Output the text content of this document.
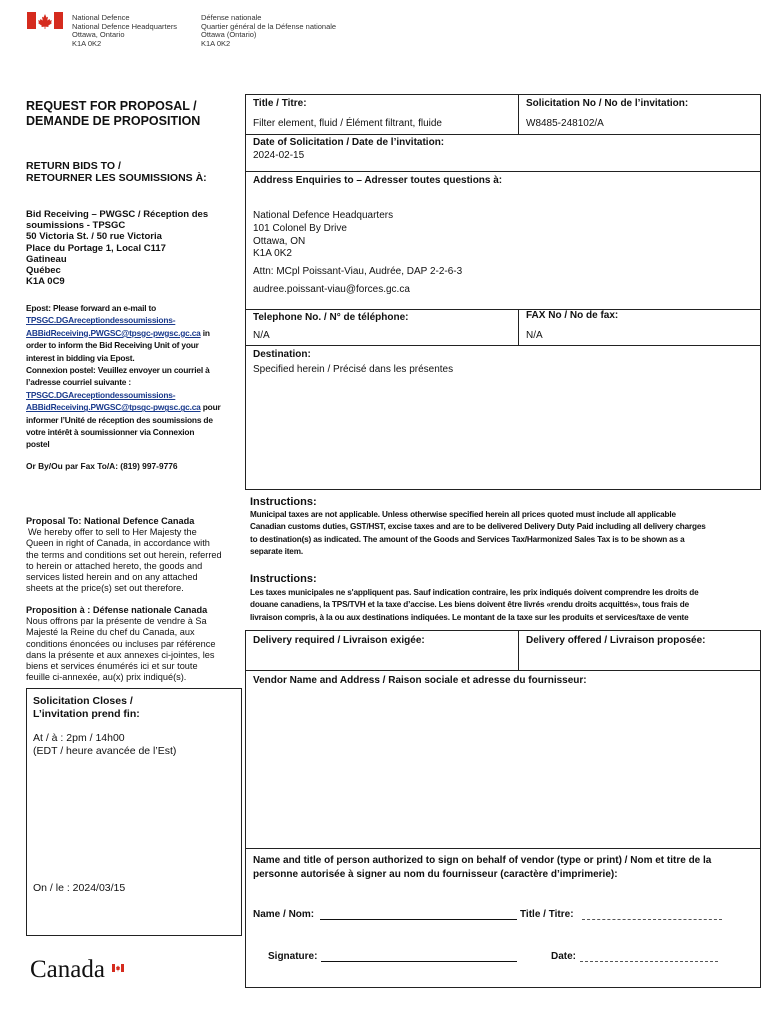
National Defence
National Defence Headquarters
Ottawa, Ontario
K1A 0K2
Défense nationale
Quartier général de la Défense nationale
Ottawa (Ontario)
K1A 0K2
REQUEST FOR PROPOSAL /
DEMANDE DE PROPOSITION
RETURN BIDS TO /
RETOURNER LES SOUMISSIONS À:
Bid Receiving – PWGSC / Réception des
soumissions - TPSGC
50 Victoria St. / 50 rue Victoria
Place du Portage 1, Local C117
Gatineau
Québec
K1A 0C9
Epost: Please forward an e-mail to
TPSGC.DGAreceptiondessoumissions-
ABBidReceiving.PWGSC@tpsgc-pwgsc.gc.ca in
order to inform the Bid Receiving Unit of your
interest in bidding via Epost.
Connexion postel: Veuillez envoyer un courriel à
l’adresse courriel suivante :
TPSGC.DGAreceptiondessoumissions-
ABBidReceiving.PWGSC@tpsgc-pwgsc.gc.ca pour
informer l’Unité de réception des soumissions de
votre intérêt à soumissionner via Connexion
postel
Or By/Ou par Fax To/A: (819) 997-9776
Proposal To: National Defence Canada
We hereby offer to sell to Her Majesty the
Queen in right of Canada, in accordance with
the terms and conditions set out herein, referred
to herein or attached hereto, the goods and
services listed herein and on any attached
sheets at the price(s) set out therefore.
Proposition à : Défense nationale Canada
Nous offrons par la présente de vendre à Sa
Majesté la Reine du chef du Canada, aux
conditions énoncées ou incluses par référence
dans la présente et aux annexes ci-jointes, les
biens et services énumérés ici et sur toute
feuille ci-annexée, au(x) prix indiqué(s).
Solicitation Closes /
L’invitation prend fin:
At / à : 2pm / 14h00
(EDT / heure avancée de l’Est)
On / le : 2024/03/15
Canada
Title / Titre:
Filter element, fluid / Élément filtrant, fluide
Solicitation No / No de l’invitation:
W8485-248102/A
Date of Solicitation / Date de l’invitation:
2024-02-15
Address Enquiries to – Adresser toutes questions à:
National Defence Headquarters
101 Colonel By Drive
Ottawa, ON
K1A 0K2
Attn: MCpl Poissant-Viau, Audrée, DAP 2-2-6-3
audree.poissant-viau@forces.gc.ca
Telephone No. / N° de téléphone:
N/A
FAX No / No de fax:
N/A
Destination:
Specified herein / Précisé dans les présentes
Instructions:
Municipal taxes are not applicable. Unless otherwise specified herein all prices quoted must include all applicable
Canadian customs duties, GST/HST, excise taxes and are to be delivered Delivery Duty Paid including all delivery charges
to destination(s) as indicated. The amount of the Goods and Services Tax/Harmonized Sales Tax is to be shown as a
separate item.
Instructions:
Les taxes municipales ne s'appliquent pas. Sauf indication contraire, les prix indiqués doivent comprendre les droits de
douane canadiens, la TPS/TVH et la taxe d’accise. Les biens doivent être livrés «rendu droits acquittés», tous frais de
livraison compris, à la ou aux destinations indiquées. Le montant de la taxe sur les produits et services/taxe de vente
Delivery required / Livraison exigée:	Delivery offered / Livraison proposée:
Vendor Name and Address / Raison sociale et adresse du fournisseur:
Name and title of person authorized to sign on behalf of vendor (type or print) / Nom et titre de la
personne autorisée à signer au nom du fournisseur (caractère d’imprimerie):
Name / Nom:	Title / Titre:
Signature:	Date:
